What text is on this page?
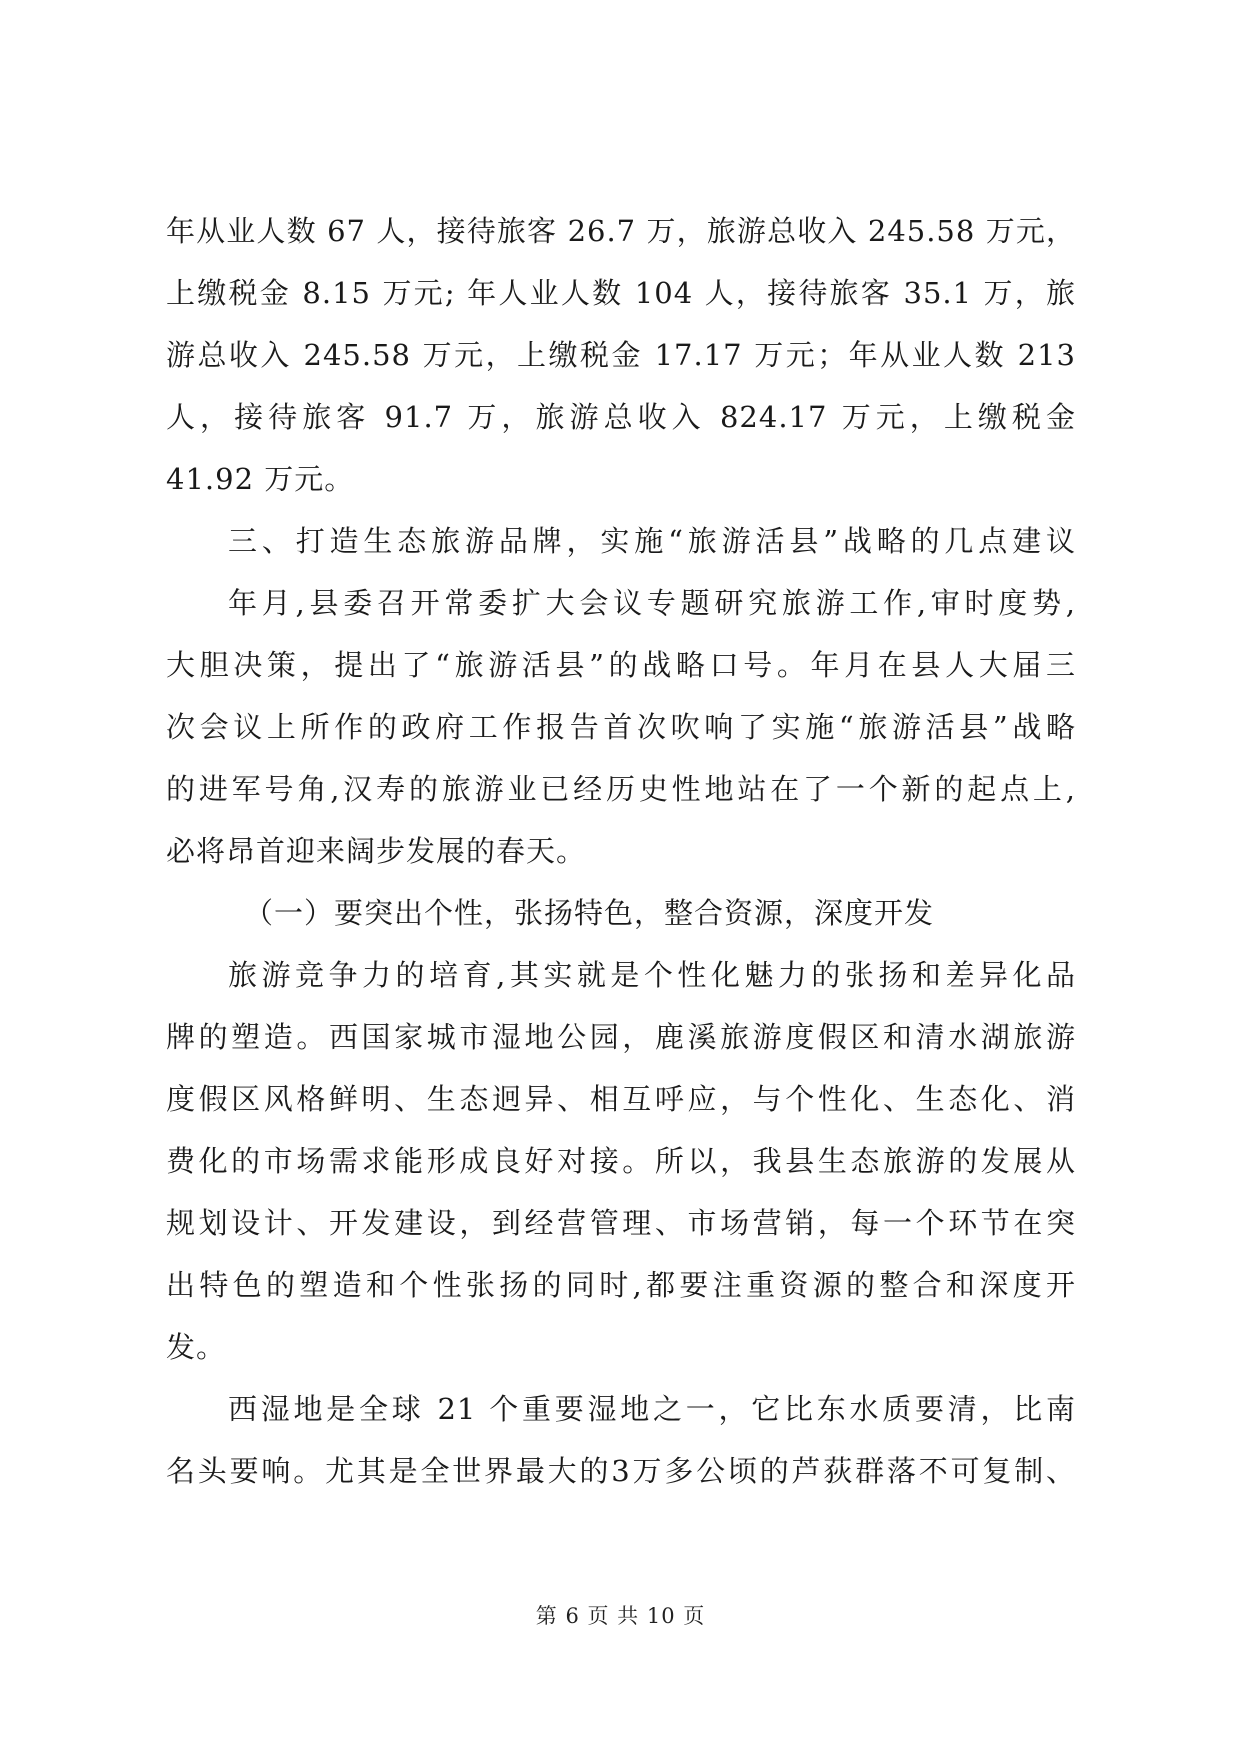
年从业人数 67 人，接待旅客 26.7 万，旅游总收入 245.58 万元，
上缴税金 8.15 万元; 年人业人数 104 人，接待旅客 35.1 万，旅
游总收入 245.58 万元，上缴税金 17.17 万元；年从业人数 213
人，接待旅客 91.7 万，旅游总收入 824.17 万元，上缴税金
41.92 万元。
三、打造生态旅游品牌，实施“旅游活县”战略的几点建议
年月,县委召开常委扩大会议专题研究旅游工作,审时度势,
大胆决策，提出了“旅游活县”的战略口号。年月在县人大届三
次会议上所作的政府工作报告首次吹响了实施“旅游活县”战略
的进军号角,汉寿的旅游业已经历史性地站在了一个新的起点上,
必将昂首迎来阔步发展的春天。
（一）要突出个性，张扬特色，整合资源，深度开发
旅游竞争力的培育,其实就是个性化魅力的张扬和差异化品
牌的塑造。西国家城市湿地公园，鹿溪旅游度假区和清水湖旅游
度假区风格鲜明、生态迥异、相互呼应，与个性化、生态化、消
费化的市场需求能形成良好对接。所以，我县生态旅游的发展从
规划设计、开发建设，到经营管理、市场营销，每一个环节在突
出特色的塑造和个性张扬的同时,都要注重资源的整合和深度开
发。
西湿地是全球 21 个重要湿地之一，它比东水质要清，比南
名头要响。尤其是全世界最大的3万多公顷的芦荻群落不可复制、
第 6 页 共 10 页
